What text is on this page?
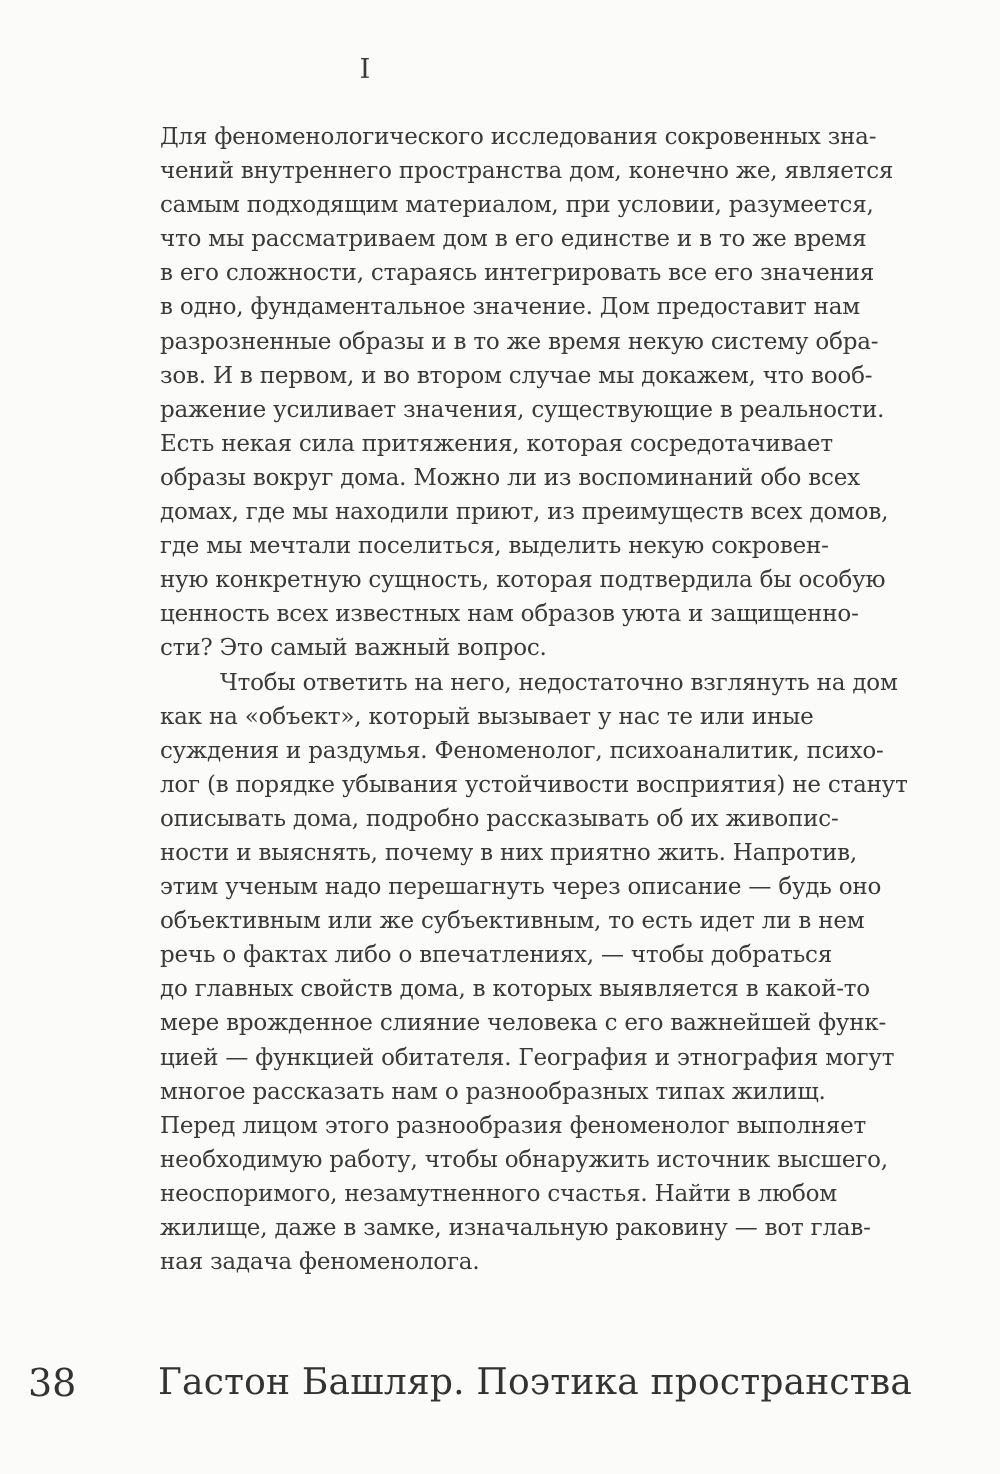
I
Для феноменологического исследования сокровенных зна-
чений внутреннего пространства дом, конечно же, является
самым подходящим материалом, при условии, разумеется,
что мы рассматриваем дом в его единстве и в то же время
в его сложности, стараясь интегрировать все его значения
в одно, фундаментальное значение. Дом предоставит нам
разрозненные образы и в то же время некую систему обра-
зов. И в первом, и во втором случае мы докажем, что вооб-
ражение усиливает значения, существующие в реальности.
Есть некая сила притяжения, которая сосредотачивает
образы вокруг дома. Можно ли из воспоминаний обо всех
домах, где мы находили приют, из преимуществ всех домов,
где мы мечтали поселиться, выделить некую сокровен-
ную конкретную сущность, которая подтвердила бы особую
ценность всех известных нам образов уюта и защищенно-
сти? Это самый важный вопрос.
Чтобы ответить на него, недостаточно взглянуть на дом
как на «объект», который вызывает у нас те или иные
суждения и раздумья. Феноменолог, психоаналитик, психо-
лог (в порядке убывания устойчивости восприятия) не станут
описывать дома, подробно рассказывать об их живопис-
ности и выяснять, почему в них приятно жить. Напротив,
этим ученым надо перешагнуть через описание — будь оно
объективным или же субъективным, то есть идет ли в нем
речь о фактах либо о впечатлениях, — чтобы добраться
до главных свойств дома, в которых выявляется в какой-то
мере врожденное слияние человека с его важнейшей функ-
цией — функцией обитателя. География и этнография могут
многое рассказать нам о разнообразных типах жилищ.
Перед лицом этого разнообразия феноменолог выполняет
необходимую работу, чтобы обнаружить источник высшего,
неоспоримого, незамутненного счастья. Найти в любом
жилище, даже в замке, изначальную раковину — вот глав-
ная задача феноменолога.
38 Гастон Башляр. Поэтика пространства
